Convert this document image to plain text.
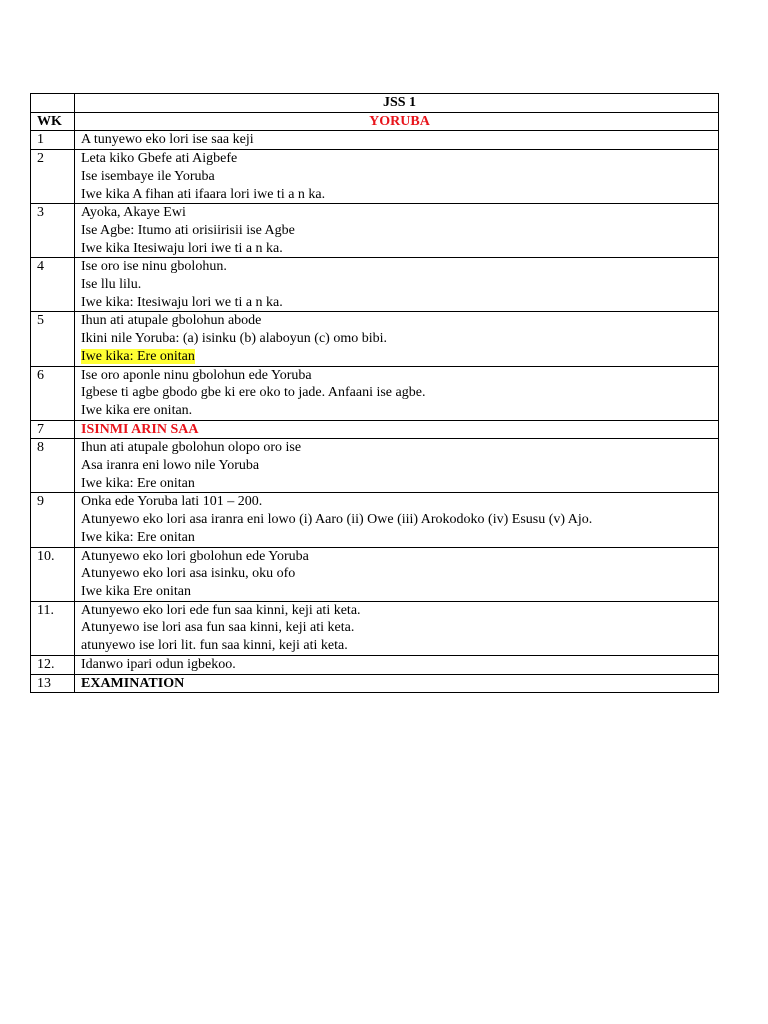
	JSS 1
WK	YORUBA
1	A tunyewo eko lori ise saa keji

2	Leta kiko Gbefe ati Aigbefe
Ise isembaye ile Yoruba
Iwe kika A fihan ati ifaara lori iwe ti a n ka.

3	Ayoka, Akaye Ewi
Ise Agbe: Itumo ati orisiirisii ise Agbe
Iwe kika Itesiwaju lori iwe ti a n ka.

4	Ise oro ise ninu gbolohun.
Ise llu lilu.
Iwe kika: Itesiwaju lori we ti a n ka.

5	Ihun ati atupale gbolohun abode
Ikini nile Yoruba: (a) isinku (b) alaboyun (c) omo bibi.
Iwe kika: Ere onitan

6	Ise oro aponle ninu gbolohun ede Yoruba
Igbese ti agbe gbodo gbe ki ere oko to jade. Anfaani ise agbe.
Iwe kika ere onitan.

7	ISINMI ARIN SAA

8	Ihun ati atupale gbolohun olopo oro ise
Asa iranra eni lowo nile Yoruba
Iwe kika: Ere onitan

9	Onka ede Yoruba lati 101 – 200.
Atunyewo eko lori asa iranra eni lowo (i) Aaro (ii) Owe (iii) Arokodoko (iv) Esusu (v) Ajo.
Iwe kika: Ere onitan

10.	Atunyewo eko lori gbolohun ede Yoruba
Atunyewo eko lori asa isinku, oku ofo
Iwe kika Ere onitan

11.	Atunyewo eko lori ede fun saa kinni, keji ati keta.
Atunyewo ise lori asa fun saa kinni, keji ati keta.
atunyewo ise lori lit. fun saa kinni, keji ati keta.

12.	Idanwo ipari odun igbekoo.

13	EXAMINATION
